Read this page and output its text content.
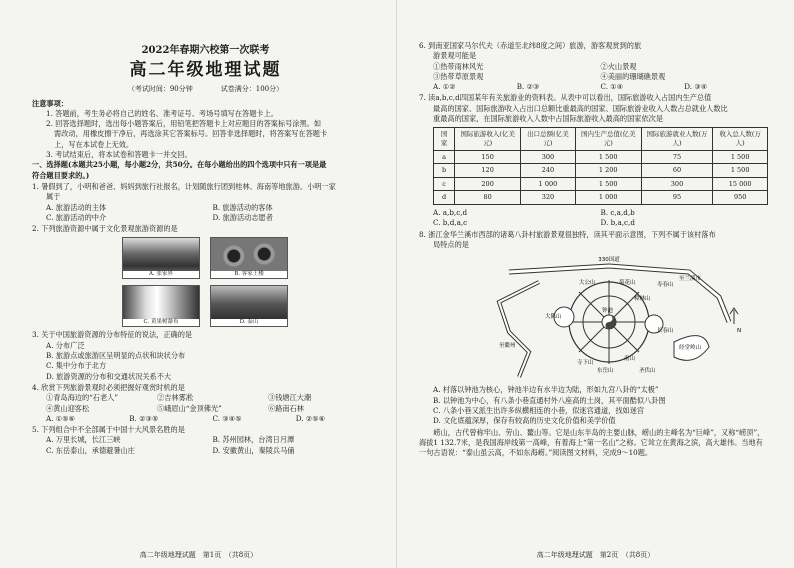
2022年春期六校第一次联考
高二年级地理试题
（考试时间：90分钟	试卷满分：100分）
注意事项：
1. 答题前，考生务必将自己的姓名、准考证号、考场号填写在答题卡上。
2. 回答选择题时，选出每小题答案后，用铅笔把答题卡上对应题目的答案标号涂黑。如
需改动，用橡皮擦干净后，再选涂其它答案标号。回答非选择题时，将答案写在答题卡
上，写在本试卷上无效。
3. 考试结束后，将本试卷和答题卡一并交回。
一、选择题(本题共25小题，每小题2分，共50分。在每小题给出的四个选项中只有一项是最
符合题目要求的。)
1. 暑假到了，小明和爸爸、妈妈到旅行社报名，计划随旅行团到桂林、海南等地旅游。小明一家
属于
A. 旅游活动的主体	B. 旅游活动的客体
C. 旅游活动的中介	D. 旅游活动志愿者
2. 下列旅游资源中属于文化景观旅游资源的是
A. 张家界	B. 客家土楼
C. 黄果树瀑布	D. 泰山
3. 关于中国旅游资源的分布特征的说法，正确的是
A. 分布广泛
B. 旅游点或旅游区呈明显的点状和块状分布
C. 集中分布于北方
D. 旅游资源的分布和交通状况关系不大
4. 欣赏下列旅游景观时必须把握好观赏时机的是
①青岛海边的“石老人”	②吉林雾凇	③钱塘江大潮
④黄山迎客松	⑤峨眉山“金顶佛光”	⑥路南石林
A. ①⑤⑥	B. ②③⑤	C. ③④⑤	D. ②⑤⑥
5. 下列组合中不全部属于中国十大风景名胜的是
A. 万里长城，长江三峡	B. 苏州园林，台湾日月潭
C. 东岳泰山，承德避暑山庄	D. 安徽黄山，秦陵兵马俑
高二年级地理试题　第1页　（共8页）
6. 到南亚国家马尔代夫（赤道至北纬8度之间）旅游，游客观赏到的旅
游景观可能是
①热带雨林风光	②火山景观
③热带草原景观	④美丽的珊瑚礁景观
A. ①②	B. ②③	C. ①④	D. ③④
7. 读a,b,c,d四国某年有关旅游业的资料表。从表中可以看出，国际旅游收入占国内生产总值
最高的国家、国际旅游收入占出口总额比重最高的国家、国际旅游业收入人数占总就业人数比
重最高的国家，在国际旅游收入人数中占国际旅游收入最高的国家依次是
国家	国际旅游收入(亿美元)	出口总额(亿美元)	国内生产总值(亿美元)	国际旅游就业人数(万人)	收入总人数(万人)
a	150	300	1 500	75	1 500
b	120	240	1 200	60	1 500
c	200	1 000	1 500	300	15 000
d	80	320	1 000	95	950
A. a,b,c,d	B. c,a,d,b
C. b,d,a,c	D. b,a,c,d
8. 浙江金华兰溪市西部的诸葛八卦村旅游景观很独特，读其平面示意图，下列不属于该村落布
局特点的是
N
330国道
大公山	菊花山	寿春山
樟林山
大陈山
钟池
经堂岭山
寺下山
南山
东岳山	圣伏山
长春山
至兰溪市
至衢州
A. 村落以钟池为核心，钟池半边有水半边为陆，形如九宫八卦的“太极”
B. 以钟池为中心，有八条小巷直通村外八座高的土岗，其平面酷似八卦图
C. 八条小巷又派生出许多纵横相连的小巷，似迷宫通道，找如迷宫
D. 文化底蕴深厚，保存有较高的历史文化价值和美学价值
　　崂山，古代曾称牢山、劳山、鳌山等。它是山东半岛的主要山脉，崂山的主峰名为“巨峰”，又称“崂顶”，海拔1 132.7米，是我国海岸线第一高峰，有着海上“第一名山”之称。它耸立在黄海之滨，高大雄伟。当地有一句古语说：“泰山虽云高，不如东海崂。”阅读图文材料，完成9～10题。
高二年级地理试题　第2页　（共8页）
